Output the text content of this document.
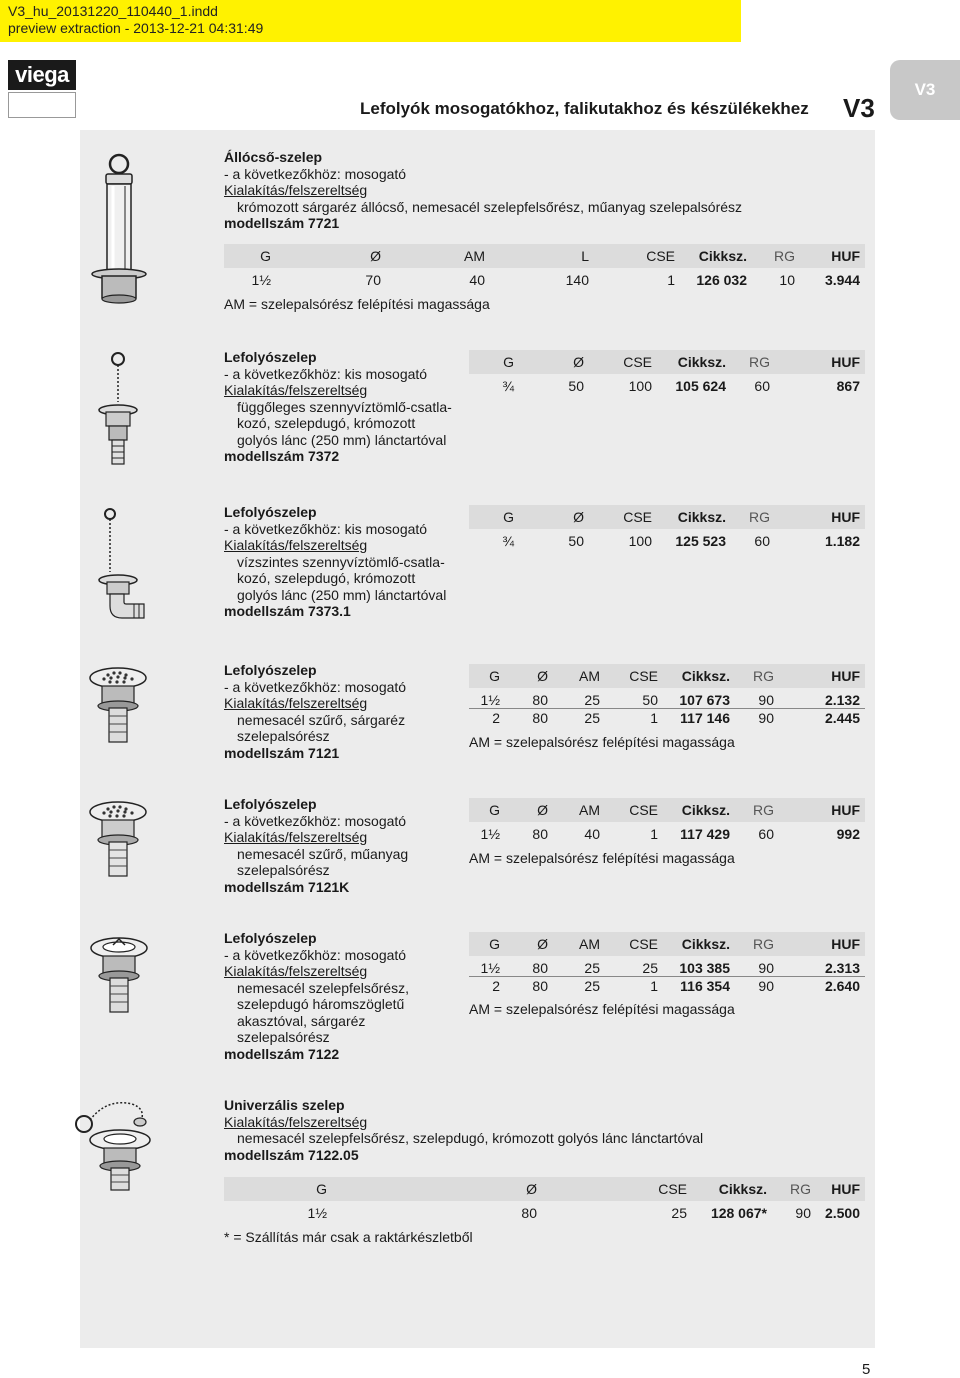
V3_hu_20131220_110440_1.indd
preview extraction - 2013-12-21 04:31:49
viega
Lefolyók mosogatókhoz, falikutakhoz és készülékekhez V3
V3
Állócső-szelep
- a következőkhöz: mosogató
Kialakítás/felszereltség
krómozott sárgaréz állócső, nemesacél szelepfelsőrész, műanyag szelepalsórész
modellszám 7721
G	Ø	AM	L	CSE	Cikksz.	RG	HUF
1½	70	40	140	1	126 032	10	3.944
AM = szelepalsórész felépítési magassága
Lefolyószelep
- a következőkhöz: kis mosogató
Kialakítás/felszereltség
függőleges szennyvíztömlő-csatla-
kozó, szelepdugó, krómozott
golyós lánc (250 mm) lánctartóval
modellszám 7372
G	Ø	CSE	Cikksz.	RG	HUF
¾	50	100	105 624	60	867
Lefolyószelep
- a következőkhöz: kis mosogató
Kialakítás/felszereltség
vízszintes szennyvíztömlő-csatla-
kozó, szelepdugó, krómozott
golyós lánc (250 mm) lánctartóval
modellszám 7373.1
G	Ø	CSE	Cikksz.	RG	HUF
¾	50	100	125 523	60	1.182
Lefolyószelep
- a következőkhöz: mosogató
Kialakítás/felszereltség
nemesacél szűrő, sárgaréz
szelepalsórész
modellszám 7121
G	Ø	AM	CSE	Cikksz.	RG	HUF
1½	80	25	50	107 673	90	2.132
2	80	25	1	117 146	90	2.445
AM = szelepalsórész felépítési magassága
Lefolyószelep
- a következőkhöz: mosogató
Kialakítás/felszereltség
nemesacél szűrő, műanyag
szelepalsórész
modellszám 7121K
G	Ø	AM	CSE	Cikksz.	RG	HUF
1½	80	40	1	117 429	60	992
AM = szelepalsórész felépítési magassága
Lefolyószelep
- a következőkhöz: mosogató
Kialakítás/felszereltség
nemesacél szelepfelsőrész,
szelepdugó háromszögletű
akasztóval, sárgaréz
szelepalsórész
modellszám 7122
G	Ø	AM	CSE	Cikksz.	RG	HUF
1½	80	25	25	103 385	90	2.313
2	80	25	1	116 354	90	2.640
AM = szelepalsórész felépítési magassága
Univerzális szelep
Kialakítás/felszereltség
nemesacél szelepfelsőrész, szelepdugó, krómozott golyós lánc lánctartóval
modellszám 7122.05
G	Ø	CSE	Cikksz.	RG	HUF
1½	80	25	128 067*	90	2.500
* = Szállítás már csak a raktárkészletből
5
